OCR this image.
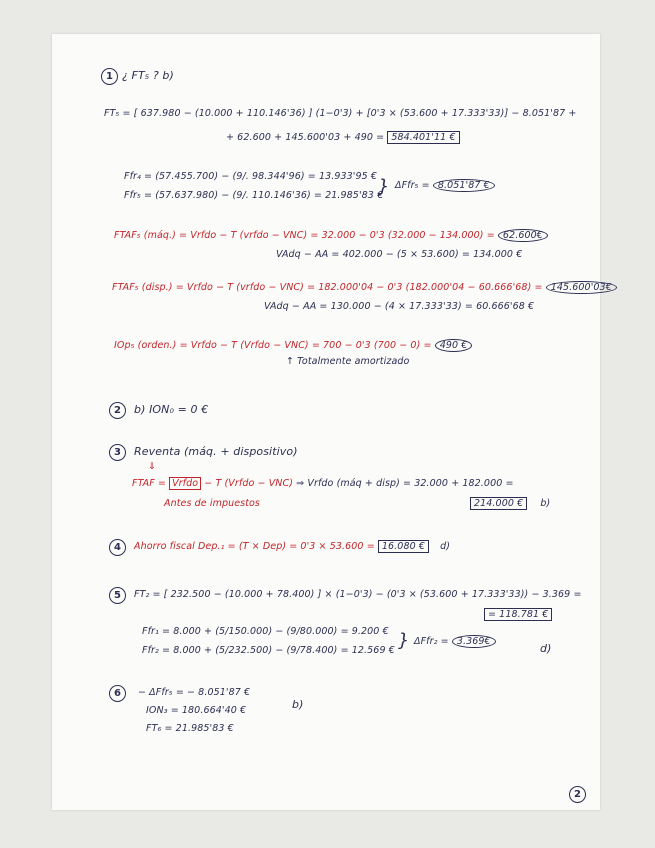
1 ¿ FT₅ ? b)
FT₅ = [ 637.980 − (10.000 + 110.146'36) ] (1−0'3) + [0'3 × (53.600 + 17.333'33)] − 8.051'87 +
+ 62.600 + 145.600'03 + 490 = 584.401'11 €
Ffr₄ = (57.455.700) − (9/. 98.344'96) = 13.933'95 €
Ffr₅ = (57.637.980) − (9/. 110.146'36) = 21.985'83 €
} ΔFfr₅ = 8.051'87 €
FTAF₅ (máq.) = Vrfdo − T (vrfdo − VNC) = 32.000 − 0'3 (32.000 − 134.000) = 62.600€
VAdq − AA = 402.000 − (5 × 53.600) = 134.000 €
FTAF₅ (disp.) = Vrfdo − T (vrfdo − VNC) = 182.000'04 − 0'3 (182.000'04 − 60.666'68) = 145.600'03€
VAdq − AA = 130.000 − (4 × 17.333'33) = 60.666'68 €
IOp₅ (orden.) = Vrfdo − T (Vrfdo − VNC) = 700 − 0'3 (700 − 0) = 490 €
↑ Totalmente amortizado
2	b) ION₀ = 0 €
3	Reventa (máq. + dispositivo)
⇓
FTAF = Vrfdo − T (Vrfdo − VNC) ⇒ Vrfdo (máq + disp) = 32.000 + 182.000 =
Antes de impuestos	214.000 € b)
4	Ahorro fiscal Dep.₁ = (T × Dep) = 0'3 × 53.600 = 16.080 € d)
5	FT₂ = [ 232.500 − (10.000 + 78.400) ] × (1−0'3) − (0'3 × (53.600 + 17.333'33)) − 3.369 =
= 118.781 €
Ffr₁ = 8.000 + (5/150.000) − (9/80.000) = 9.200 €
Ffr₂ = 8.000 + (5/232.500) − (9/78.400) = 12.569 € } ΔFfr₂ = 3.369€
d)
6	− ΔFfr₅ = − 8.051'87 €
ION₃ = 180.664'40 €
FT₆ = 21.985'83 €
b)
2
